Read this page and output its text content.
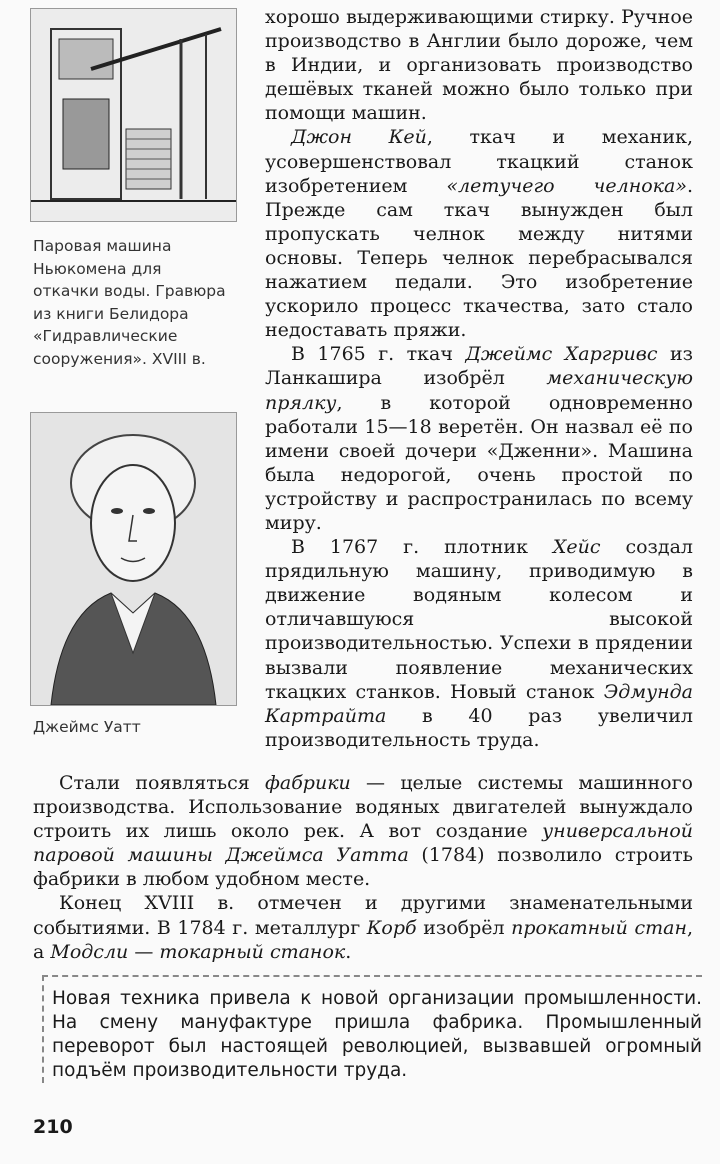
Паровая машина Ньюкомена для откачки воды. Гравюра из книги Белидора «Гидравлические сооружения». XVIII в.
Джеймс Уатт

хорошо выдерживающими стирку. Ручное производство в Англии было дороже, чем в Индии, и организовать производство дешёвых тканей можно было только при помощи машин.

Джон Кей, ткач и механик, усовершенствовал ткацкий станок изобретением «летучего челнока». Прежде сам ткач вынужден был пропускать челнок между нитями основы. Теперь челнок перебрасывался нажатием педали. Это изобретение ускорило процесс ткачества, зато стало недоставать пряжи.

В 1765 г. ткач Джеймс Харгривс из Ланкашира изобрёл механическую прялку, в которой одновременно работали 15—18 веретён. Он назвал её по имени своей дочери «Дженни». Машина была недорогой, очень простой по устройству и распространилась по всему миру.

В 1767 г. плотник Хейс создал прядильную машину, приводимую в движение водяным колесом и отличавшуюся высокой производительностью. Успехи в прядении вызвали появление механических ткацких станков. Новый станок Эдмунда Картрайта в 40 раз увеличил производительность труда.

Стали появляться фабрики — целые системы машинного производства. Использование водяных двигателей вынуждало строить их лишь около рек. А вот создание универсальной паровой машины Джеймса Уатта (1784) позволило строить фабрики в любом удобном месте.

Конец XVIII в. отмечен и другими знаменательными событиями. В 1784 г. металлург Корб изобрёл прокатный стан, а Модсли — токарный станок.

Новая техника привела к новой организации промышленности. На смену мануфактуре пришла фабрика. Промышленный переворот был настоящей революцией, вызвавшей огромный подъём производительности труда.
210
